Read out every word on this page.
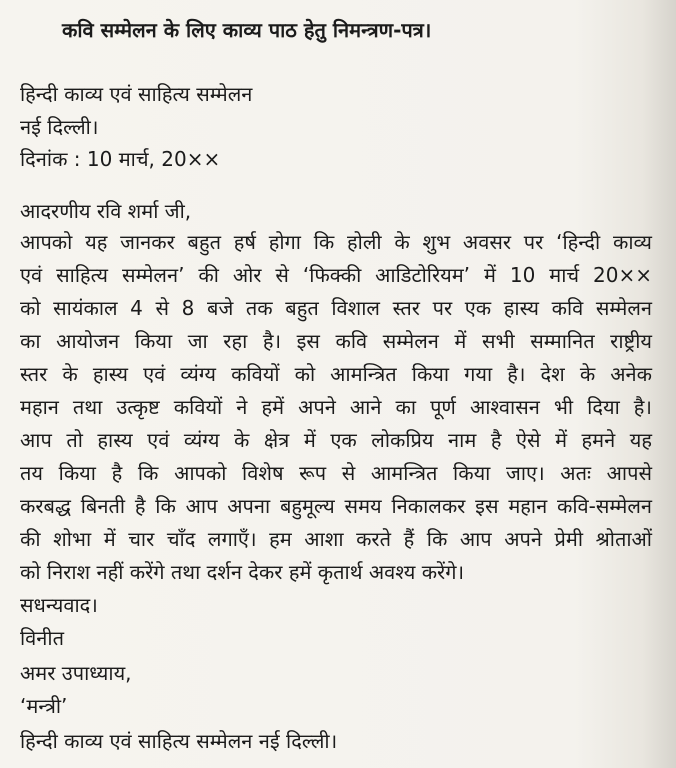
कवि सम्मेलन के लिए काव्य पाठ हेतु निमन्त्रण-पत्र।
हिन्दी काव्य एवं साहित्य सम्मेलन
नई दिल्ली।
दिनांक : 10 मार्च, 20××
आदरणीय रवि शर्मा जी,
आपको यह जानकर बहुत हर्ष होगा कि होली के शुभ अवसर पर ‘हिन्दी काव्य
एवं साहित्य सम्मेलन’ की ओर से ‘फिक्की आडिटोरियम’ में 10 मार्च 20××
को सायंकाल 4 से 8 बजे तक बहुत विशाल स्तर पर एक हास्य कवि सम्मेलन
का आयोजन किया जा रहा है। इस कवि सम्मेलन में सभी सम्मानित राष्ट्रीय
स्तर के हास्य एवं व्यंग्य कवियों को आमन्त्रित किया गया है। देश के अनेक
महान तथा उत्कृष्ट कवियों ने हमें अपने आने का पूर्ण आश्वासन भी दिया है।
आप तो हास्य एवं व्यंग्य के क्षेत्र में एक लोकप्रिय नाम है ऐसे में हमने यह
तय किया है कि आपको विशेष रूप से आमन्त्रित किया जाए। अतः आपसे
करबद्ध बिनती है कि आप अपना बहुमूल्य समय निकालकर इस महान कवि-सम्मेलन
की शोभा में चार चाँद लगाएँ। हम आशा करते हैं कि आप अपने प्रेमी श्रोताओं
को निराश नहीं करेंगे तथा दर्शन देकर हमें कृतार्थ अवश्य करेंगे।
सधन्यवाद।
विनीत
अमर उपाध्याय,
‘मन्त्री’
हिन्दी काव्य एवं साहित्य सम्मेलन नई दिल्ली।
